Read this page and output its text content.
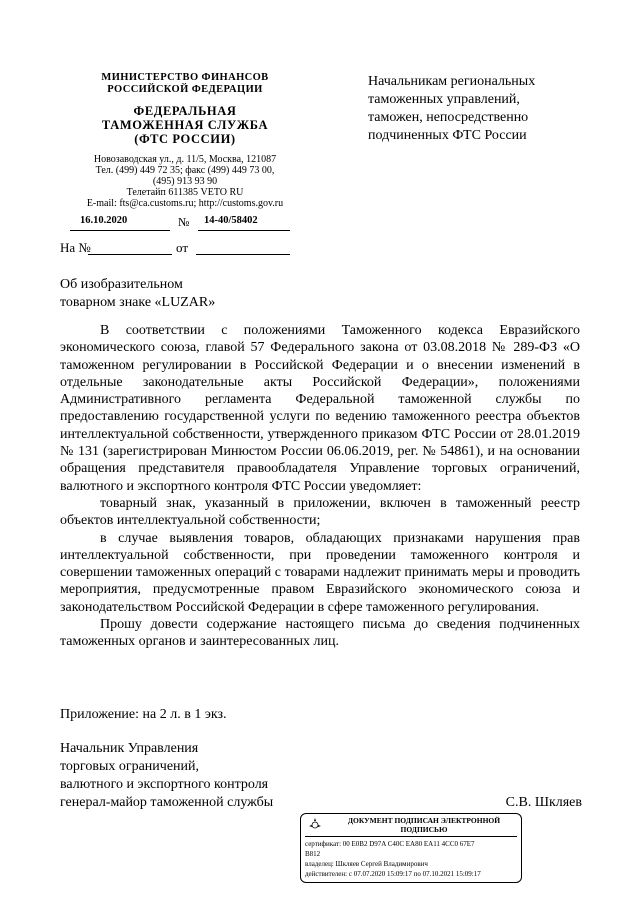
МИНИСТЕРСТВО ФИНАНСОВ
РОССИЙСКОЙ ФЕДЕРАЦИИ
ФЕДЕРАЛЬНАЯ
ТАМОЖЕННАЯ СЛУЖБА
(ФТС РОССИИ)
Новозаводская ул., д. 11/5, Москва, 121087
Тел. (499) 449 72 35; факс (499) 449 73 00,
(495) 913 93 90
Телетайп 611385 VETO RU
E-mail: fts@ca.customs.ru; http://customs.gov.ru
16.10.2020	№ 14-40/58402
На №	от
Начальникам региональных
таможенных управлений,
таможен, непосредственно
подчиненных ФТС России
Об изобразительном
товарном знаке «LUZAR»

В соответствии с положениями Таможенного кодекса Евразийского экономического союза, главой 57 Федерального закона от 03.08.2018 № 289-ФЗ «О таможенном регулировании в Российской Федерации и о внесении изменений в отдельные законодательные акты Российской Федерации», положениями Административного регламента Федеральной таможенной службы по предоставлению государственной услуги по ведению таможенного реестра объектов интеллектуальной собственности, утвержденного приказом ФТС России от 28.01.2019 № 131 (зарегистрирован Минюстом России 06.06.2019, рег. № 54861), и на основании обращения представителя правообладателя Управление торговых ограничений, валютного и экспортного контроля ФТС России уведомляет:

товарный знак, указанный в приложении, включен в таможенный реестр объектов интеллектуальной собственности;

в случае выявления товаров, обладающих признаками нарушения прав интеллектуальной собственности, при проведении таможенного контроля и совершении таможенных операций с товарами надлежит принимать меры и проводить мероприятия, предусмотренные правом Евразийского экономического союза и законодательством Российской Федерации в сфере таможенного регулирования.

Прошу довести содержание настоящего письма до сведения подчиненных таможенных органов и заинтересованных лиц.

Приложение: на 2 л. в 1 экз.
Начальник Управления
торговых ограничений,
валютного и экспортного контроля
генерал-майор таможенной службы	С.В. Шкляев
ДОКУМЕНТ ПОДПИСАН ЭЛЕКТРОННОЙ
ПОДПИСЬЮ
сертификат: 00 E0B2 D97A C40C EA80 EA11 4CC0 67E7
B812
владелец: Шкляев Сергей Владимирович
действителен: с 07.07.2020 15:09:17 по 07.10.2021 15:09:17
